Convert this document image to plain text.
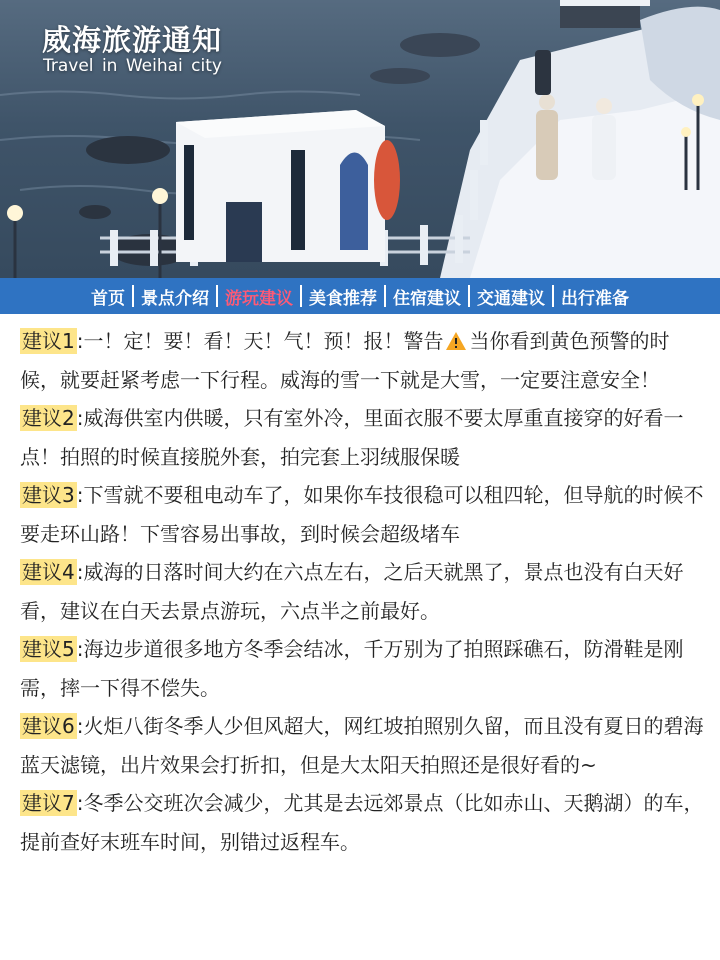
威海旅游通知

Travel in Weihai city

首页 景点介绍 游玩建议 美食推荐 住宿建议 交通建议 出行准备

建议1 :一！定！要！看！天！气！预！报！警告 当你看到黄色预警的时候，就要赶紧考虑一下行程。威海的雪一下就是大雪，一定要注意安全！

建议2 :威海供室内供暖，只有室外冷，里面衣服不要太厚重直接穿的好看一点！拍照的时候直接脱外套，拍完套上羽绒服保暖

建议3 :下雪就不要租电动车了，如果你车技很稳可以租四轮，但导航的时候不要走环山路！下雪容易出事故，到时候会超级堵车

建议4 :威海的日落时间大约在六点左右，之后天就黑了，景点也没有白天好看，建议在白天去景点游玩，六点半之前最好。

建议5 :海边步道很多地方冬季会结冰，千万别为了拍照踩礁石，防滑鞋是刚需，摔一下得不偿失。

建议6 :火炬八街冬季人少但风超大，网红坡拍照别久留，而且没有夏日的碧海蓝天滤镜，出片效果会打折扣，但是大太阳天拍照还是很好看的~

建议7 :冬季公交班次会减少，尤其是去远郊景点（比如赤山、天鹅湖）的车，提前查好末班车时间，别错过返程车。
